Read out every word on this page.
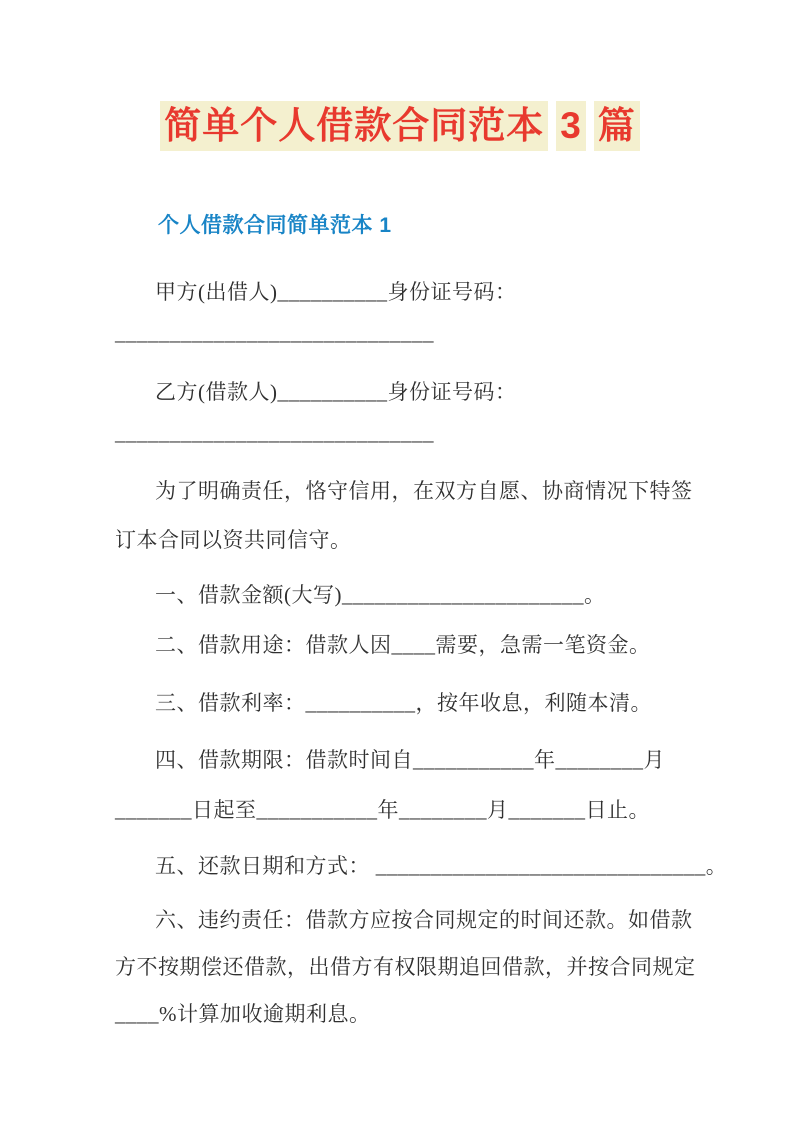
简单个人借款合同范本 3 篇
个人借款合同简单范本 1
甲方(出借人)__________身份证号码：
_____________________________
乙方(借款人)__________身份证号码：
_____________________________
为了明确责任，恪守信用，在双方自愿、协商情况下特签
订本合同以资共同信守。
一、借款金额(大写)______________________。
二、借款用途：借款人因____需要，急需一笔资金。
三、借款利率：__________，按年收息，利随本清。
四、借款期限：借款时间自___________年________月
_______日起至___________年________月_______日止。
五、还款日期和方式： ______________________________。
六、违约责任：借款方应按合同规定的时间还款。如借款
方不按期偿还借款，出借方有权限期追回借款，并按合同规定
____%计算加收逾期利息。
